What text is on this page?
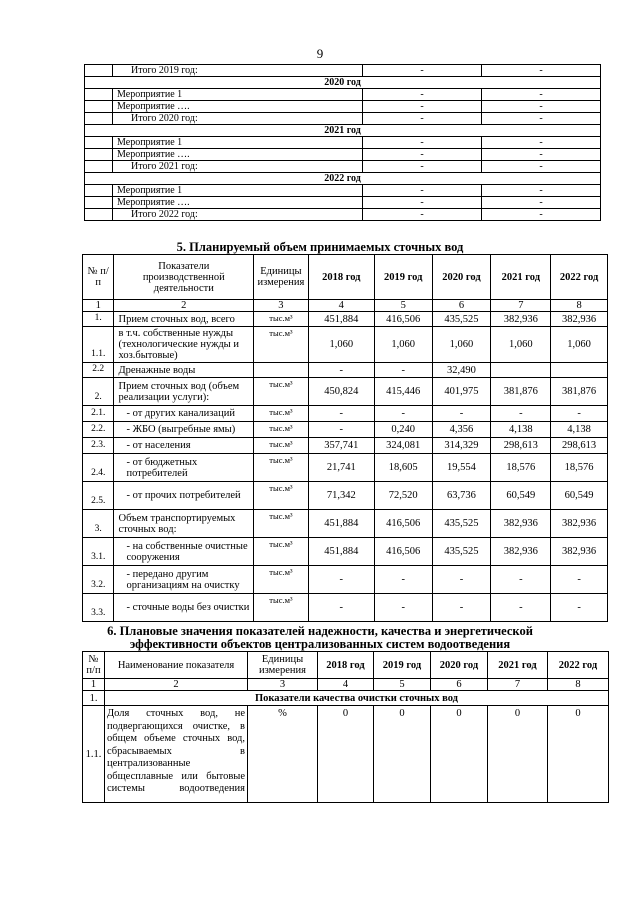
9
	Итого 2019 год:	-	-
2020 год			
	Мероприятие 1	-	-
	Мероприятие ….	-	-
	Итого 2020 год:	-	-
2021 год			
	Мероприятие 1	-	-
	Мероприятие ….	-	-
	Итого 2021 год:	-	-
2022 год			
	Мероприятие 1	-	-
	Мероприятие ….	-	-
	Итого 2022 год:	-	-
5. Планируемый объем принимаемых сточных вод
№ п/п	Показатели производственной деятельности	Единицы измерения	2018 год	2019 год	2020 год	2021 год	2022 год
1	2	3	4	5	6	7	8
1.	Прием сточных вод, всего	тыс.м³	451,884	416,506	435,525	382,936	382,936
1.1.	в т.ч. собственные нужды (технологические нужды и хоз.бытовые)	тыс.м³	1,060	1,060	1,060	1,060	1,060
2.2	Дренажные воды		-	-	32,490		
2.	Прием сточных вод (объем реализации услуги):	тыс.м³	450,824	415,446	401,975	381,876	381,876
2.1.	- от других канализаций	тыс.м³	-	-	-	-	-
2.2.	- ЖБО (выгребные ямы)	тыс.м³	-	0,240	4,356	4,138	4,138
2.3.	- от населения	тыс.м³	357,741	324,081	314,329	298,613	298,613
2.4.	- от бюджетных потребителей	тыс.м³	21,741	18,605	19,554	18,576	18,576
2.5.	- от прочих потребителей	тыс.м³	71,342	72,520	63,736	60,549	60,549
3.	Объем транспортируемых сточных вод:	тыс.м³	451,884	416,506	435,525	382,936	382,936
3.1.	- на собственные очистные сооружения	тыс.м³	451,884	416,506	435,525	382,936	382,936
3.2.	- передано другим организациям на очистку	тыс.м³	-	-	-	-	-
3.3.	- сточные воды без очистки	тыс.м³	-	-	-	-	-
6. Плановые значения показателей надежности, качества и энергетической
эффективности объектов централизованных систем водоотведения
№ п/п	Наименование показателя	Единицы измерения	2018 год	2019 год	2020 год	2021 год	2022 год
1	2	3	4	5	6	7	8
1.	Показатели качества очистки сточных вод						
1.1.	Доля сточных вод, не подвергающихся очистке, в общем объеме сточных вод, сбрасываемых в централизованные общесплавные или бытовые системы водоотведения	%	0	0	0	0	0
